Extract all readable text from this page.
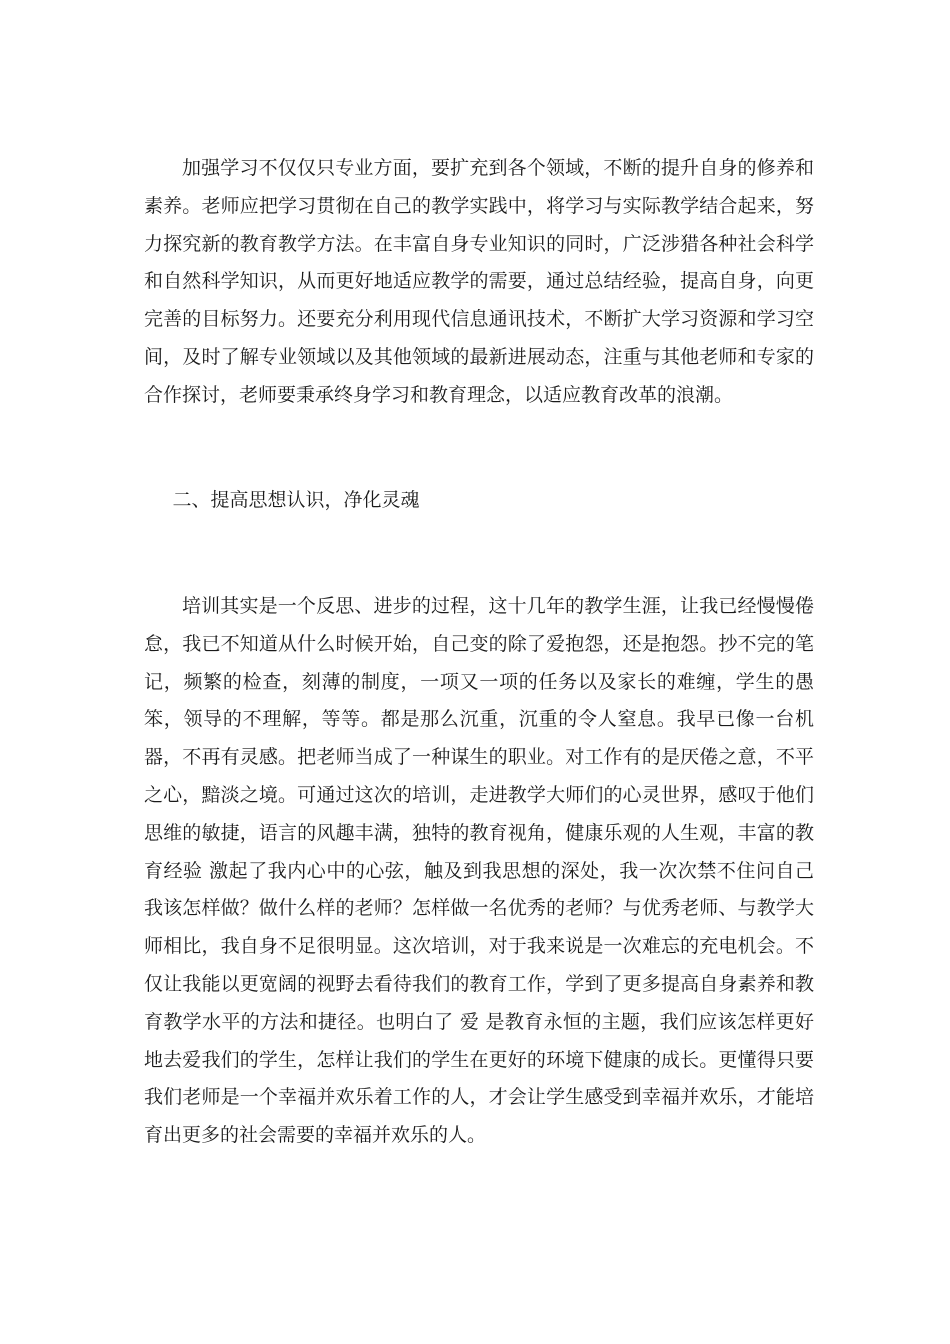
加强学习不仅仅只专业方面，要扩充到各个领域，不断的提升自身的修养和素养。老师应把学习贯彻在自己的教学实践中，将学习与实际教学结合起来，努力探究新的教育教学方法。在丰富自身专业知识的同时，广泛涉猎各种社会科学和自然科学知识，从而更好地适应教学的需要，通过总结经验，提高自身，向更完善的目标努力。还要充分利用现代信息通讯技术，不断扩大学习资源和学习空间，及时了解专业领域以及其他领域的最新进展动态，注重与其他老师和专家的合作探讨，老师要秉承终身学习和教育理念，以适应教育改革的浪潮。

二、提高思想认识，净化灵魂

培训其实是一个反思、进步的过程，这十几年的教学生涯，让我已经慢慢倦怠，我已不知道从什么时候开始，自己变的除了爱抱怨，还是抱怨。抄不完的笔记，频繁的检查，刻薄的制度，一项又一项的任务以及家长的难缠，学生的愚笨，领导的不理解，等等。都是那么沉重，沉重的令人窒息。我早已像一台机器，不再有灵感。把老师当成了一种谋生的职业。对工作有的是厌倦之意，不平之心，黯淡之境。可通过这次的培训，走进教学大师们的心灵世界，感叹于他们思维的敏捷，语言的风趣丰满，独特的教育视角，健康乐观的人生观，丰富的教育经验 激起了我内心中的心弦，触及到我思想的深处，我一次次禁不住问自己我该怎样做？做什么样的老师？怎样做一名优秀的老师？与优秀老师、与教学大师相比，我自身不足很明显。这次培训，对于我来说是一次难忘的充电机会。不仅让我能以更宽阔的视野去看待我们的教育工作，学到了更多提高自身素养和教育教学水平的方法和捷径。也明白了 爱 是教育永恒的主题，我们应该怎样更好地去爱我们的学生，怎样让我们的学生在更好的环境下健康的成长。更懂得只要我们老师是一个幸福并欢乐着工作的人，才会让学生感受到幸福并欢乐，才能培育出更多的社会需要的幸福并欢乐的人。
